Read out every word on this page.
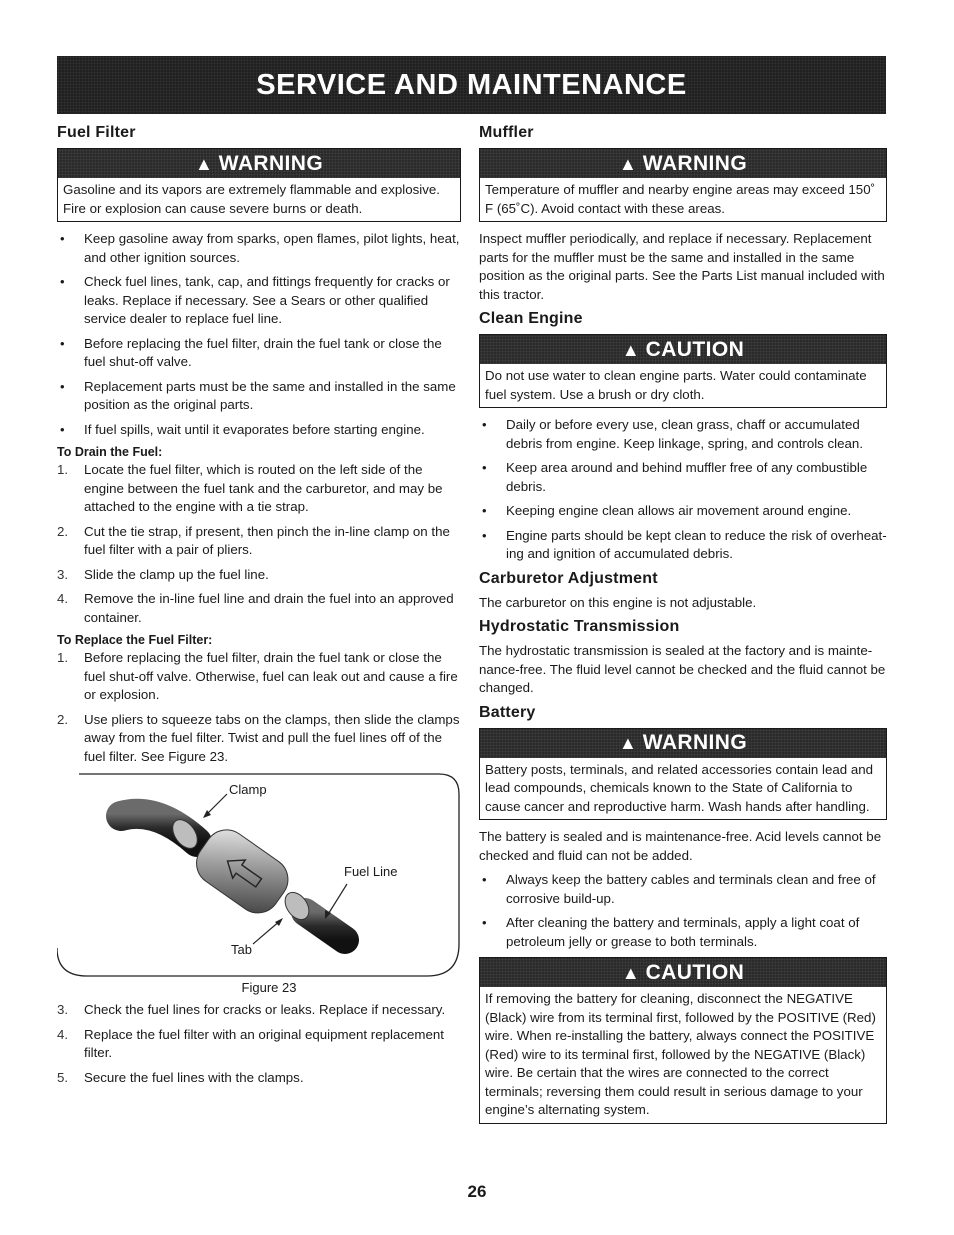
SERVICE AND MAINTENANCE
Fuel Filter
▲ WARNING
Gasoline and its vapors are extremely flammable and explosive. Fire or explosion can cause severe burns or death.
• Keep gasoline away from sparks, open flames, pilot lights, heat, and other ignition sources.
• Check fuel lines, tank, cap, and fittings frequently for cracks or leaks. Replace if necessary. See a Sears or other qualified service dealer to replace fuel line.
• Before replacing the fuel filter, drain the fuel tank or close the fuel shut-off valve.
• Replacement parts must be the same and installed in the same position as the original parts.
• If fuel spills, wait until it evaporates before starting engine.
To Drain the Fuel:
1. Locate the fuel filter, which is routed on the left side of the engine between the fuel tank and the carburetor, and may be attached to the engine with a tie strap.
2. Cut the tie strap, if present, then pinch the in-line clamp on the fuel filter with a pair of pliers.
3. Slide the clamp up the fuel line.
4. Remove the in-line fuel line and drain the fuel into an approved container.
To Replace the Fuel Filter:
1. Before replacing the fuel filter, drain the fuel tank or close the fuel shut-off valve. Otherwise, fuel can leak out and cause a fire or explosion.
2. Use pliers to squeeze tabs on the clamps, then slide the clamps away from the fuel filter. Twist and pull the fuel lines off of the fuel filter. See Figure 23.
Clamp
Fuel Line
Tab
Figure 23
3. Check the fuel lines for cracks or leaks. Replace if necessary.
4. Replace the fuel filter with an original equipment replacement filter.
5. Secure the fuel lines with the clamps.
Muffler
▲ WARNING
Temperature of muffler and nearby engine areas may exceed 150˚ F (65˚C). Avoid contact with these areas.

Inspect muffler periodically, and replace if necessary. Replacement parts for the muffler must be the same and installed in the same position as the original parts. See the Parts List manual included with this tractor.

Clean Engine
▲ CAUTION
Do not use water to clean engine parts. Water could contaminate fuel system. Use a brush or dry cloth.
• Daily or before every use, clean grass, chaff or accumulated debris from engine. Keep linkage, spring, and controls clean.
• Keep area around and behind muffler free of any combustible debris.
• Keeping engine clean allows air movement around engine.
• Engine parts should be kept clean to reduce the risk of overheat-ing and ignition of accumulated debris.
Carburetor Adjustment

The carburetor on this engine is not adjustable.

Hydrostatic Transmission

The hydrostatic transmission is sealed at the factory and is mainte-nance-free. The fluid level cannot be checked and the fluid cannot be changed.

Battery
▲ WARNING
Battery posts, terminals, and related accessories contain lead and lead compounds, chemicals known to the State of California to cause cancer and reproductive harm. Wash hands after handling.

The battery is sealed and is maintenance-free. Acid levels cannot be checked and fluid can not be added.

• Always keep the battery cables and terminals clean and free of corrosive build-up.
• After cleaning the battery and terminals, apply a light coat of petroleum jelly or grease to both terminals.
▲ CAUTION
If removing the battery for cleaning, disconnect the NEGATIVE (Black) wire from its terminal first, followed by the POSITIVE (Red) wire. When re-installing the battery, always connect the POSITIVE (Red) wire to its terminal first, followed by the NEGATIVE (Black) wire. Be certain that the wires are connected to the correct terminals; reversing them could result in serious damage to your engine’s alternating system.
26
